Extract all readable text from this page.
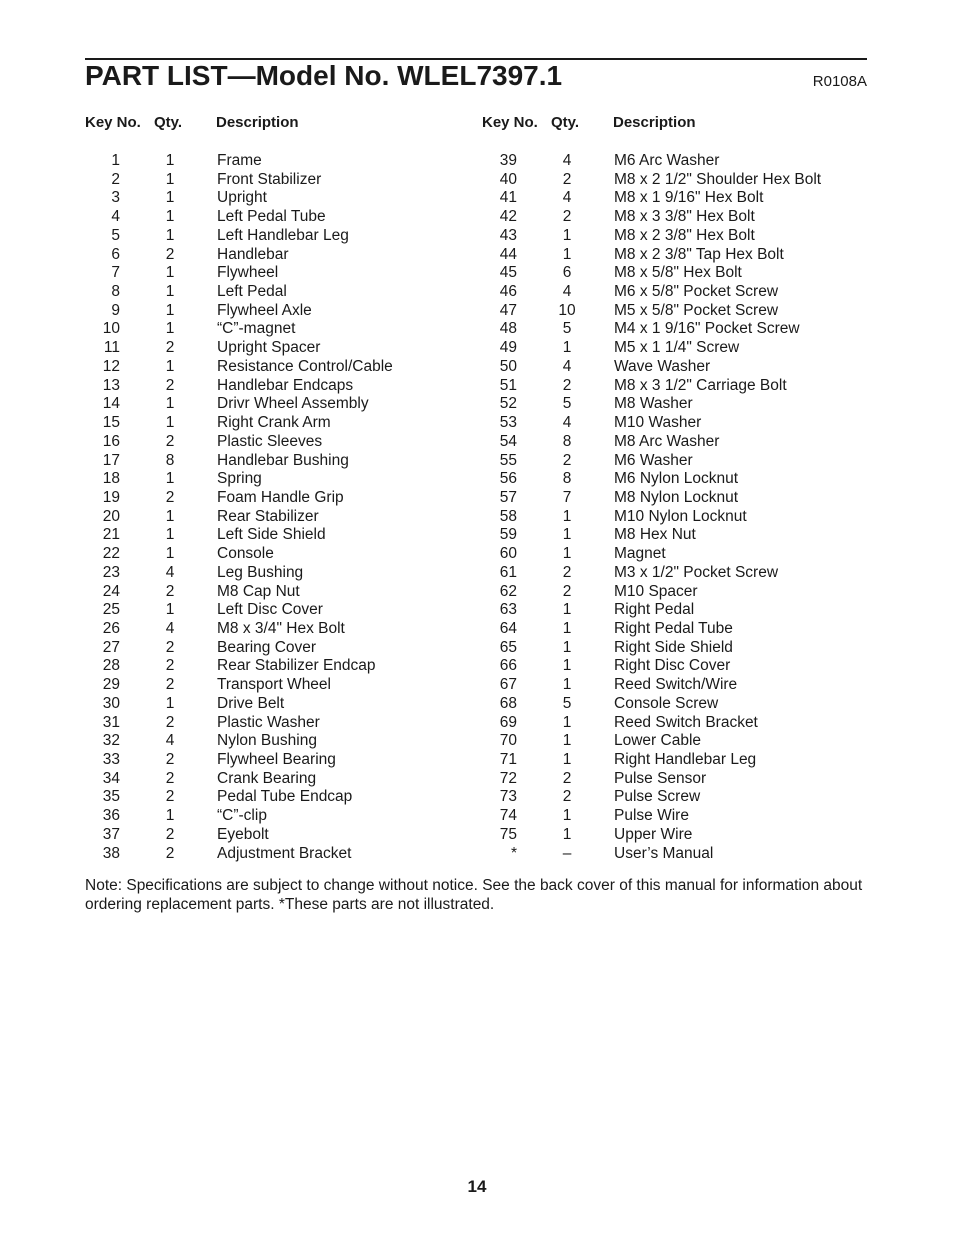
PART LIST—Model No. WLEL7397.1	R0108A
Key No. Qty. Description	Key No. Qty. Description
1	1	Frame
2	1	Front Stabilizer
3	1	Upright
4	1	Left Pedal Tube
5	1	Left Handlebar Leg
6	2	Handlebar
7	1	Flywheel
8	1	Left Pedal
9	1	Flywheel Axle
10	1	“C”-magnet
11	2	Upright Spacer
12	1	Resistance Control/Cable
13	2	Handlebar Endcaps
14	1	Drivr Wheel Assembly
15	1	Right Crank Arm
16	2	Plastic Sleeves
17	8	Handlebar Bushing
18	1	Spring
19	2	Foam Handle Grip
20	1	Rear Stabilizer
21	1	Left Side Shield
22	1	Console
23	4	Leg Bushing
24	2	M8 Cap Nut
25	1	Left Disc Cover
26	4	M8 x 3/4" Hex Bolt
27	2	Bearing Cover
28	2	Rear Stabilizer Endcap
29	2	Transport Wheel
30	1	Drive Belt
31	2	Plastic Washer
32	4	Nylon Bushing
33	2	Flywheel Bearing
34	2	Crank Bearing
35	2	Pedal Tube Endcap
36	1	“C”-clip
37	2	Eyebolt
38	2	Adjustment Bracket
39	4	M6 Arc Washer
40	2	M8 x 2 1/2" Shoulder Hex Bolt
41	4	M8 x 1 9/16" Hex Bolt
42	2	M8 x 3 3/8" Hex Bolt
43	1	M8 x 2 3/8" Hex Bolt
44	1	M8 x 2 3/8" Tap Hex Bolt
45	6	M8 x 5/8" Hex Bolt
46	4	M6 x 5/8" Pocket Screw
47	10	M5 x 5/8" Pocket Screw
48	5	M4 x 1 9/16" Pocket Screw
49	1	M5 x 1 1/4" Screw
50	4	Wave Washer
51	2	M8 x 3 1/2" Carriage Bolt
52	5	M8 Washer
53	4	M10 Washer
54	8	M8 Arc Washer
55	2	M6 Washer
56	8	M6 Nylon Locknut
57	7	M8 Nylon Locknut
58	1	M10 Nylon Locknut
59	1	M8 Hex Nut
60	1	Magnet
61	2	M3 x 1/2" Pocket Screw
62	2	M10 Spacer
63	1	Right Pedal
64	1	Right Pedal Tube
65	1	Right Side Shield
66	1	Right Disc Cover
67	1	Reed Switch/Wire
68	5	Console Screw
69	1	Reed Switch Bracket
70	1	Lower Cable
71	1	Right Handlebar Leg
72	2	Pulse Sensor
73	2	Pulse Screw
74	1	Pulse Wire
75	1	Upper Wire
*	–	User’s Manual
Note: Specifications are subject to change without notice. See the back cover of this manual for information about ordering replacement parts. *These parts are not illustrated.
14
